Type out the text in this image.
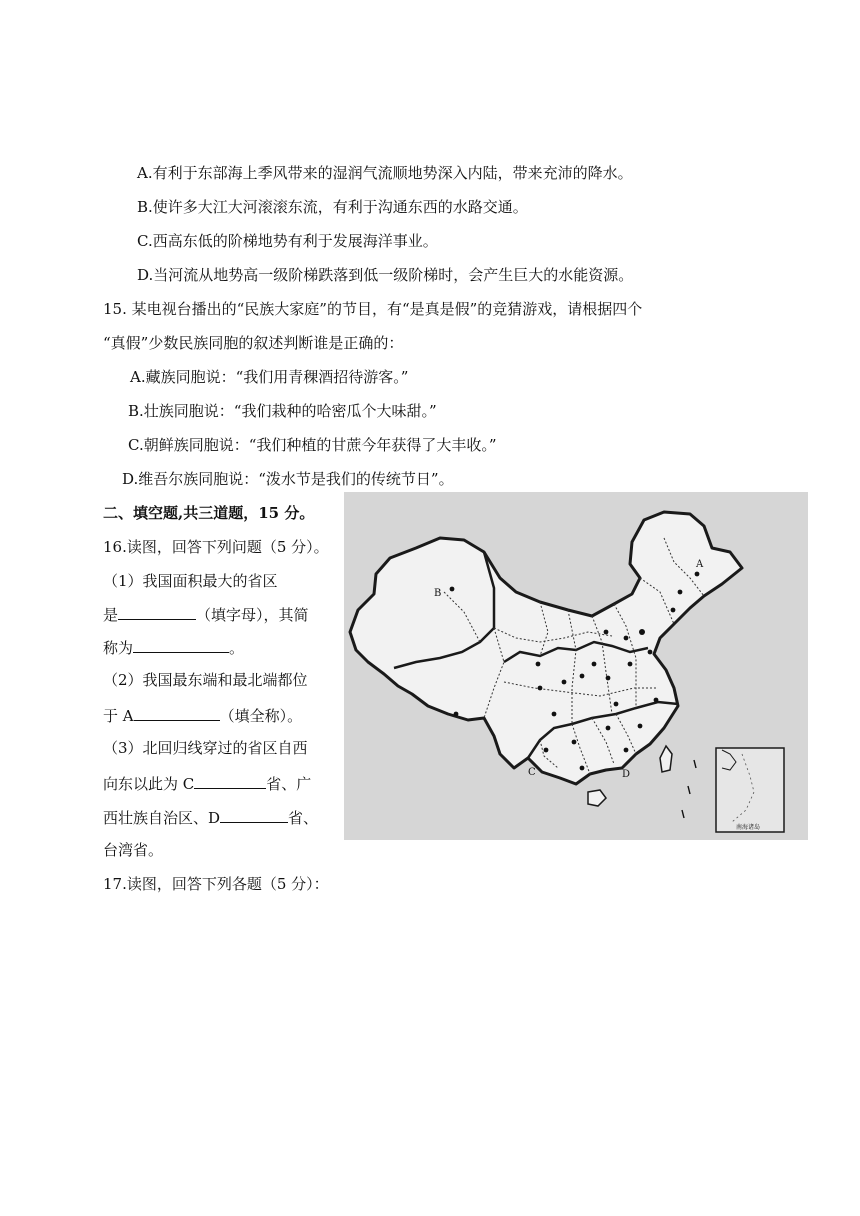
A.有利于东部海上季风带来的湿润气流顺地势深入内陆，带来充沛的降水。
B.使许多大江大河滚滚东流，有利于沟通东西的水路交通。
C.西高东低的阶梯地势有利于发展海洋事业。
D.当河流从地势高一级阶梯跌落到低一级阶梯时，会产生巨大的水能资源。
15. 某电视台播出的“民族大家庭”的节目，有“是真是假”的竞猜游戏，请根据四个
“真假”少数民族同胞的叙述判断谁是正确的：
A.藏族同胞说：“我们用青稞酒招待游客。”
B.壮族同胞说：“我们栽种的哈密瓜个大味甜。”
C.朝鲜族同胞说：“我们种植的甘蔗今年获得了大丰收。”
D.维吾尔族同胞说：“泼水节是我们的传统节日”。
二、填空题,共三道题，15 分。
16.读图，回答下列问题（5 分）。
（1）我国面积最大的省区
是	（填字母），其简
称为	。
（2）我国最东端和最北端都位
于 A	（填全称）。
（3）北回归线穿过的省区自西
向东以此为 C	省、广
西壮族自治区、D	省、
台湾省。
南海诸岛
B
A
C	D
17.读图，回答下列各题（5 分）：
